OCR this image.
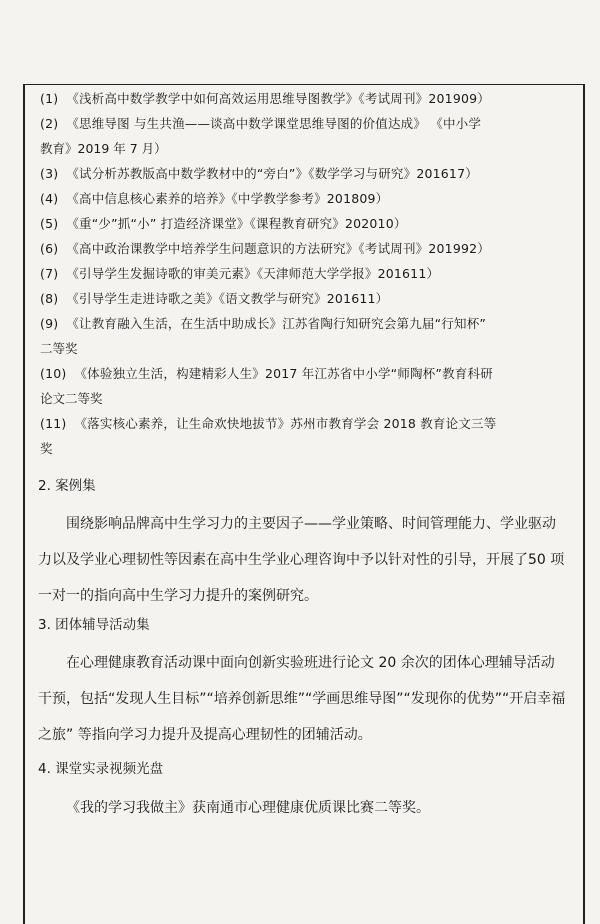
(1) 《浅析高中数学教学中如何高效运用思维导图教学》《考试周刊》201909）
(2) 《思维导图 与生共渔——谈高中数学课堂思维导图的价值达成》 《中小学
教育》2019 年 7 月）
(3) 《试分析苏教版高中数学教材中的“旁白”》《数学学习与研究》201617）
(4) 《高中信息核心素养的培养》《中学教学参考》201809）
(5) 《重“少”抓“小” 打造经济课堂》《课程教育研究》202010）
(6) 《高中政治课教学中培养学生问题意识的方法研究》《考试周刊》201992）
(7) 《引导学生发掘诗歌的审美元素》《天津师范大学学报》201611）
(8) 《引导学生走进诗歌之美》《语文教学与研究》201611）
(9) 《让教育融入生活，在生活中助成长》江苏省陶行知研究会第九届“行知杯”
二等奖
(10) 《体验独立生活，构建精彩人生》2017 年江苏省中小学“师陶杯”教育科研
论文二等奖
(11) 《落实核心素养，让生命欢快地拔节》苏州市教育学会 2018 教育论文三等
奖
2. 案例集
围绕影响品牌高中生学习力的主要因子——学业策略、时间管理能力、学业驱动力以及学业心理韧性等因素在高中生学业心理咨询中予以针对性的引导，开展了50 项一对一的指向高中生学习力提升的案例研究。
3. 团体辅导活动集
在心理健康教育活动课中面向创新实验班进行论文 20 余次的团体心理辅导活动干预，包括“发现人生目标”“培养创新思维”“学画思维导图”“发现你的优势”“开启幸福之旅” 等指向学习力提升及提高心理韧性的团辅活动。
4. 课堂实录视频光盘
《我的学习我做主》获南通市心理健康优质课比赛二等奖。
